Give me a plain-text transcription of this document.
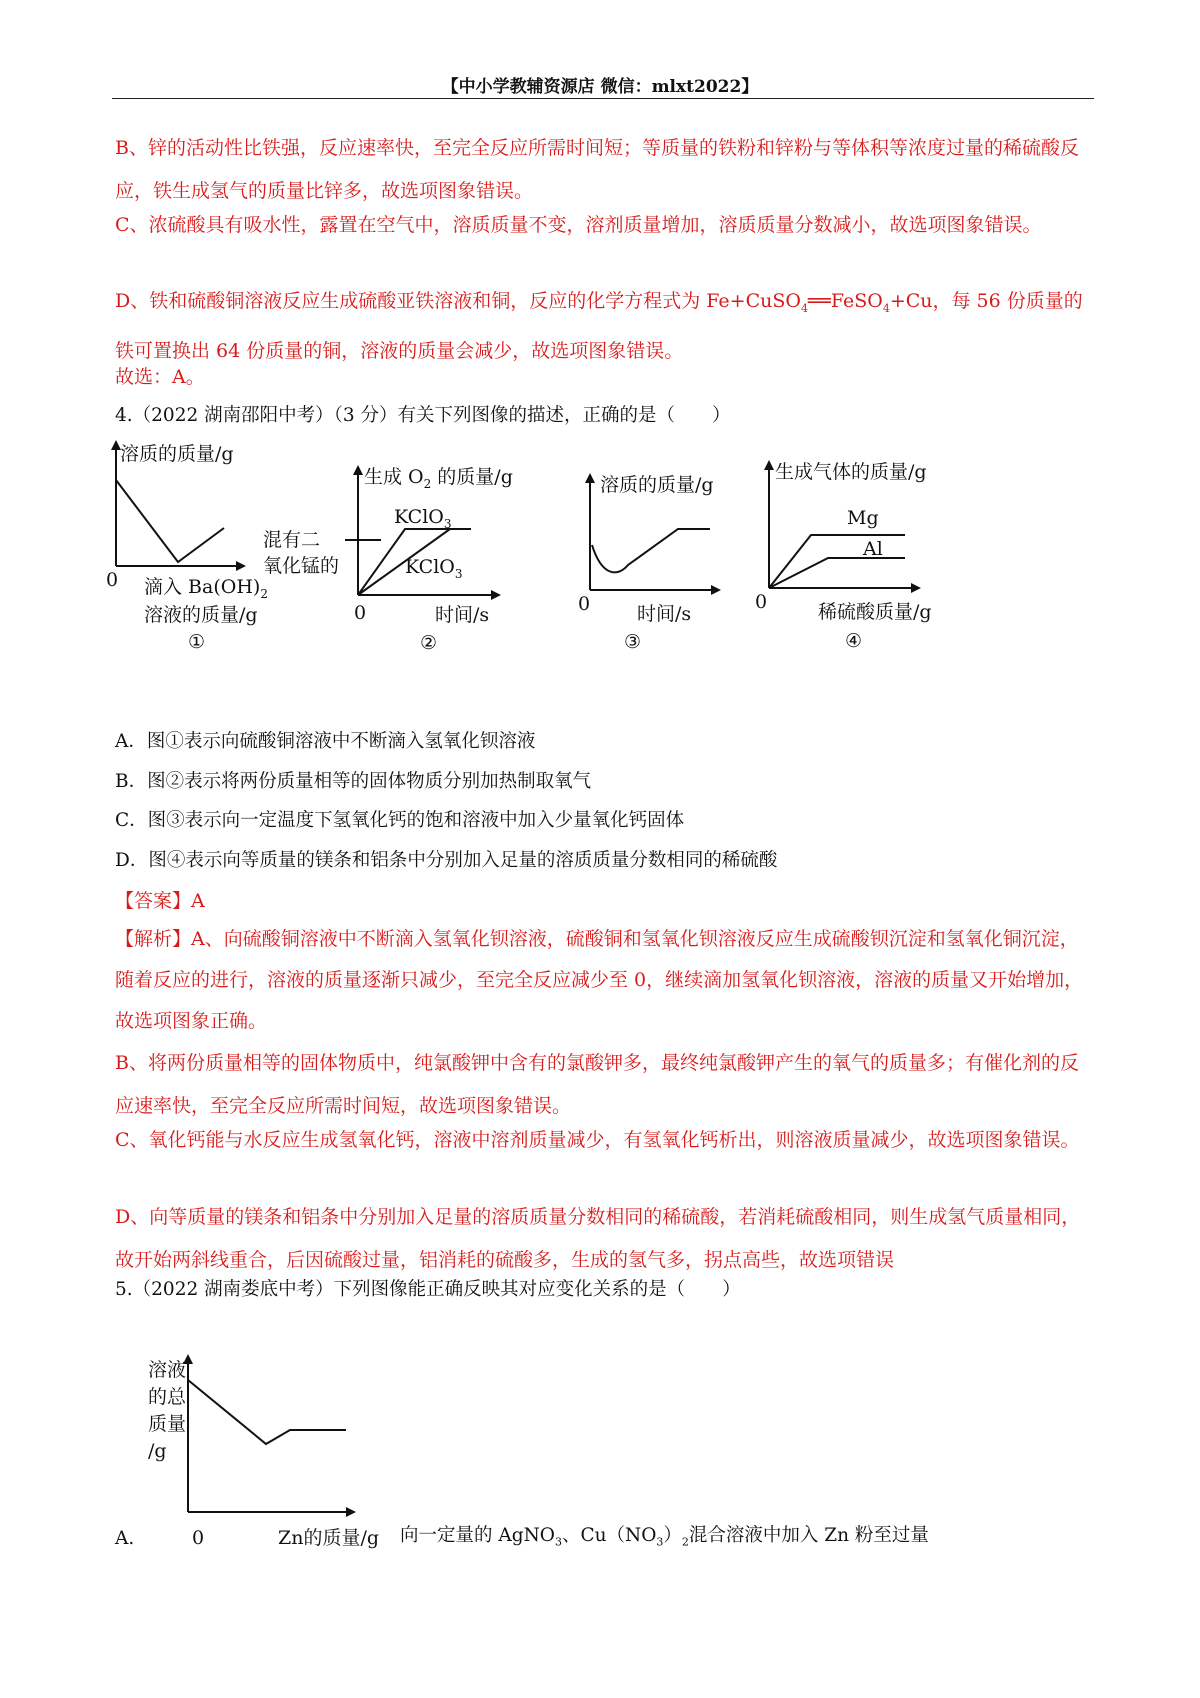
【中小学教辅资源店 微信：mlxt2022】

B、锌的活动性比铁强，反应速率快，至完全反应所需时间短；等质量的铁粉和锌粉与等体积等浓度过量的稀硫酸反应，铁生成氢气的质量比锌多，故选项图象错误。

C、浓硫酸具有吸水性，露置在空气中，溶质质量不变，溶剂质量增加，溶质质量分数减小，故选项图象错误。

D、铁和硫酸铜溶液反应生成硫酸亚铁溶液和铜，反应的化学方程式为 Fe+CuSO$_4$══FeSO$_4$+Cu，每 56 份质量的铁可置换出 64 份质量的铜，溶液的质量会减少，故选项图象错误。

故选：A。

4.（2022 湖南邵阳中考）（3 分）有关下列图像的描述，正确的是（　　）

溶质的质量/g
0 滴入 $Ba(OH)_2$
溶液的质量/g
①
生成 $O_2$ 的质量/g
混有二
氧化锰的
KClO$_3$
KClO$_3$
0	时间/s
②
溶质的质量/g
0 时间/s
③
生成气体的质量/g
Mg
Al
0	稀硫酸质量/g
④

A．图①表示向硫酸铜溶液中不断滴入氢氧化钡溶液

B．图②表示将两份质量相等的固体物质分别加热制取氧气

C．图③表示向一定温度下氢氧化钙的饱和溶液中加入少量氧化钙固体

D．图④表示向等质量的镁条和铝条中分别加入足量的溶质质量分数相同的稀硫酸

【答案】A

【解析】A、向硫酸铜溶液中不断滴入氢氧化钡溶液，硫酸铜和氢氧化钡溶液反应生成硫酸钡沉淀和氢氧化铜沉淀，随着反应的进行，溶液的质量逐渐只减少，至完全反应减少至 0，继续滴加氢氧化钡溶液，溶液的质量又开始增加，故选项图象正确。

B、将两份质量相等的固体物质中，纯氯酸钾中含有的氯酸钾多，最终纯氯酸钾产生的氧气的质量多；有催化剂的反应速率快，至完全反应所需时间短，故选项图象错误。

C、氧化钙能与水反应生成氢氧化钙，溶液中溶剂质量减少，有氢氧化钙析出，则溶液质量减少，故选项图象错误。

D、向等质量的镁条和铝条中分别加入足量的溶质质量分数相同的稀硫酸，若消耗硫酸相同，则生成氢气质量相同，故开始两斜线重合，后因硫酸过量，铝消耗的硫酸多，生成的氢气多，拐点高些，故选项错误

5.（2022 湖南娄底中考）下列图像能正确反映其对应变化关系的是（　　）

溶液
的总
质量
/g
0	Zn的质量/g

A.	向一定量的 AgNO$_3$、$Cu(NO_3)_2$混合溶液中加入 Zn 粉至过量
